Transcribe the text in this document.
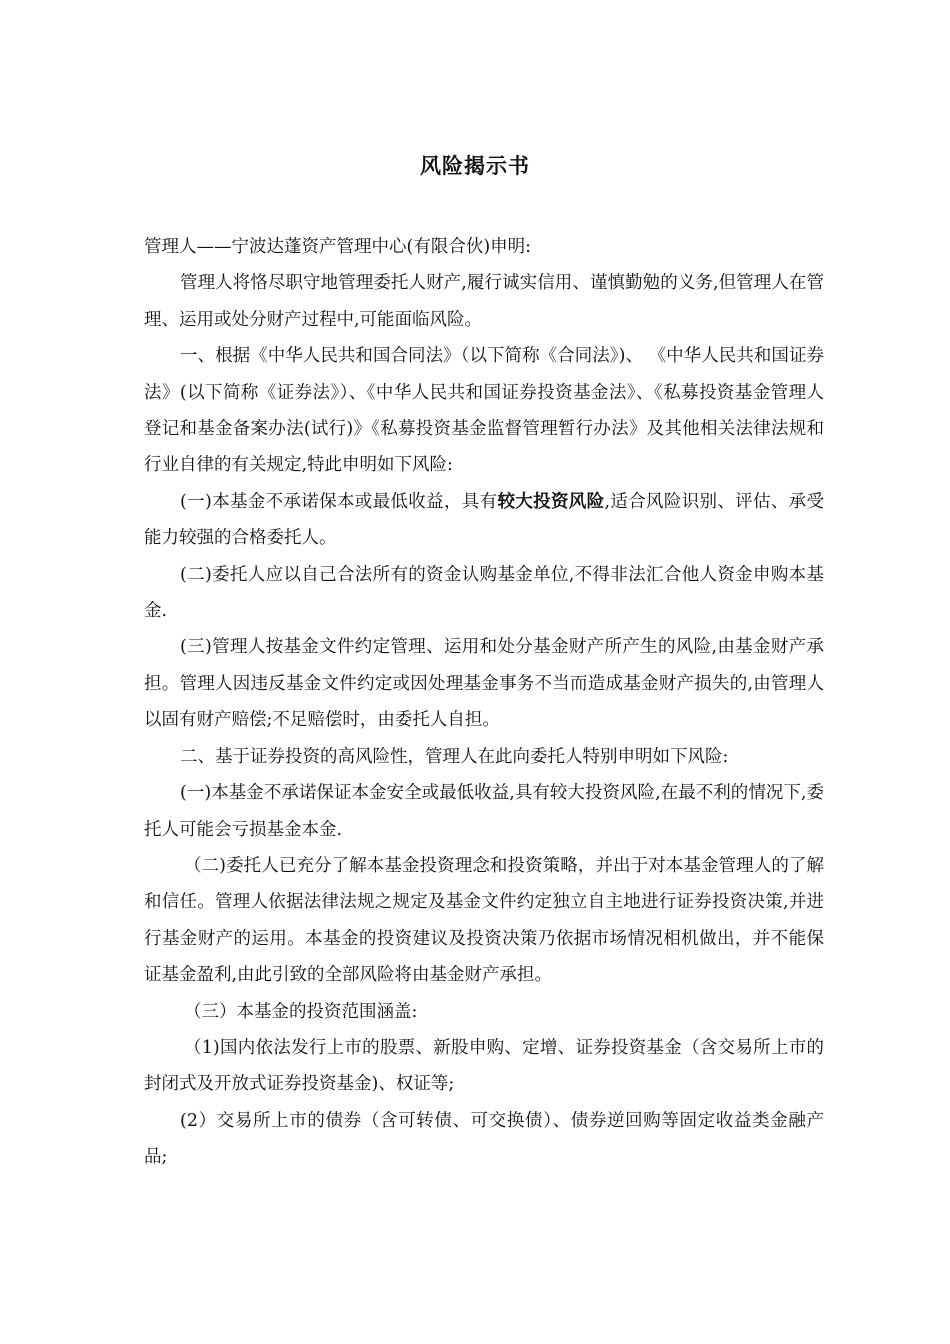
风险揭示书

管理人——宁波达蓬资产管理中心(有限合伙)申明:

管理人将恪尽职守地管理委托人财产,履行诚实信用、谨慎勤勉的义务,但管理人在管理、运用或处分财产过程中,可能面临风险。

一、根据《中华人民共和国合同法》（以下简称《合同法》)、 《中华人民共和国证券法》(以下简称《证券法》）、《中华人民共和国证券投资基金法》、《私募投资基金管理人登记和基金备案办法(试行)》《私募投资基金监督管理暂行办法》及其他相关法律法规和行业自律的有关规定,特此申明如下风险:

(一)本基金不承诺保本或最低收益，具有较大投资风险,适合风险识别、评估、承受能力较强的合格委托人。

(二)委托人应以自己合法所有的资金认购基金单位,不得非法汇合他人资金申购本基金.

(三)管理人按基金文件约定管理、运用和处分基金财产所产生的风险,由基金财产承担。管理人因违反基金文件约定或因处理基金事务不当而造成基金财产损失的,由管理人以固有财产赔偿;不足赔偿时，由委托人自担。

二、基于证券投资的高风险性，管理人在此向委托人特别申明如下风险:

(一)本基金不承诺保证本金安全或最低收益,具有较大投资风险,在最不利的情况下,委托人可能会亏损基金本金.

（二)委托人已充分了解本基金投资理念和投资策略，并出于对本基金管理人的了解和信任。管理人依据法律法规之规定及基金文件约定独立自主地进行证券投资决策,并进行基金财产的运用。本基金的投资建议及投资决策乃依据市场情况相机做出，并不能保证基金盈利,由此引致的全部风险将由基金财产承担。

（三）本基金的投资范围涵盖:

（1)国内依法发行上市的股票、新股申购、定增、证券投资基金（含交易所上市的封闭式及开放式证券投资基金)、权证等;

(2）交易所上市的债券（含可转债、可交换债）、债券逆回购等固定收益类金融产品;
